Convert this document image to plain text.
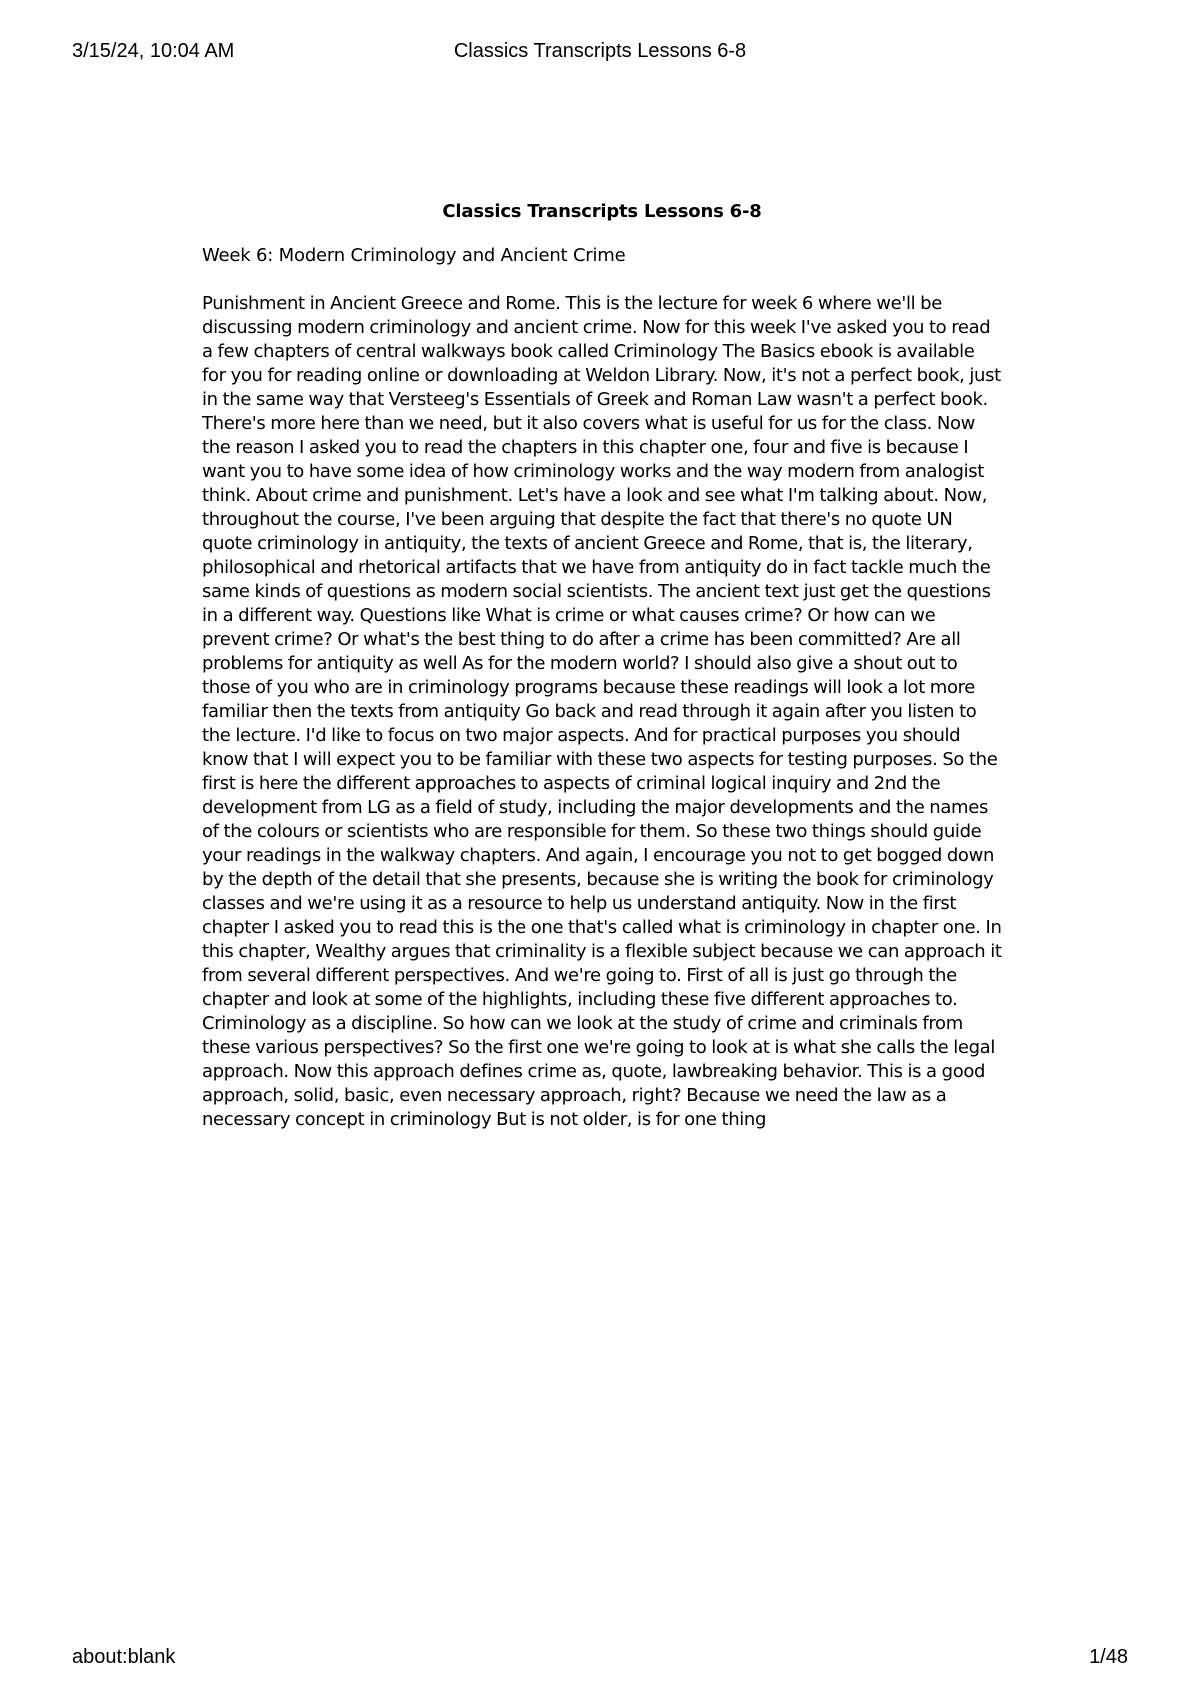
3/15/24, 10:04 AM	Classics Transcripts Lessons 6-8
Classics Transcripts Lessons 6-8

Week 6: Modern Criminology and Ancient Crime

Punishment in Ancient Greece and Rome. This is the lecture for week 6 where we'll be discussing modern criminology and ancient crime. Now for this week I've asked you to read a few chapters of central walkways book called Criminology The Basics ebook is available for you for reading online or downloading at Weldon Library. Now, it's not a perfect book, just in the same way that Versteeg's Essentials of Greek and Roman Law wasn't a perfect book. There's more here than we need, but it also covers what is useful for us for the class. Now the reason I asked you to read the chapters in this chapter one, four and five is because I want you to have some idea of how criminology works and the way modern from analogist think. About crime and punishment. Let's have a look and see what I'm talking about. Now, throughout the course, I've been arguing that despite the fact that there's no quote UN quote criminology in antiquity, the texts of ancient Greece and Rome, that is, the literary, philosophical and rhetorical artifacts that we have from antiquity do in fact tackle much the same kinds of questions as modern social scientists. The ancient text just get the questions in a different way. Questions like What is crime or what causes crime? Or how can we prevent crime? Or what's the best thing to do after a crime has been committed? Are all problems for antiquity as well As for the modern world? I should also give a shout out to those of you who are in criminology programs because these readings will look a lot more familiar then the texts from antiquity Go back and read through it again after you listen to the lecture. I'd like to focus on two major aspects. And for practical purposes you should know that I will expect you to be familiar with these two aspects for testing purposes. So the first is here the different approaches to aspects of criminal logical inquiry and 2nd the development from LG as a field of study, including the major developments and the names of the colours or scientists who are responsible for them. So these two things should guide your readings in the walkway chapters. And again, I encourage you not to get bogged down by the depth of the detail that she presents, because she is writing the book for criminology classes and we're using it as a resource to help us understand antiquity. Now in the first chapter I asked you to read this is the one that's called what is criminology in chapter one. In this chapter, Wealthy argues that criminality is a flexible subject because we can approach it from several different perspectives. And we're going to. First of all is just go through the chapter and look at some of the highlights, including these five different approaches to. Criminology as a discipline. So how can we look at the study of crime and criminals from these various perspectives? So the first one we're going to look at is what she calls the legal approach. Now this approach defines crime as, quote, lawbreaking behavior. This is a good approach, solid, basic, even necessary approach, right? Because we need the law as a necessary concept in criminology But is not older, is for one thing

about:blank	1/48
